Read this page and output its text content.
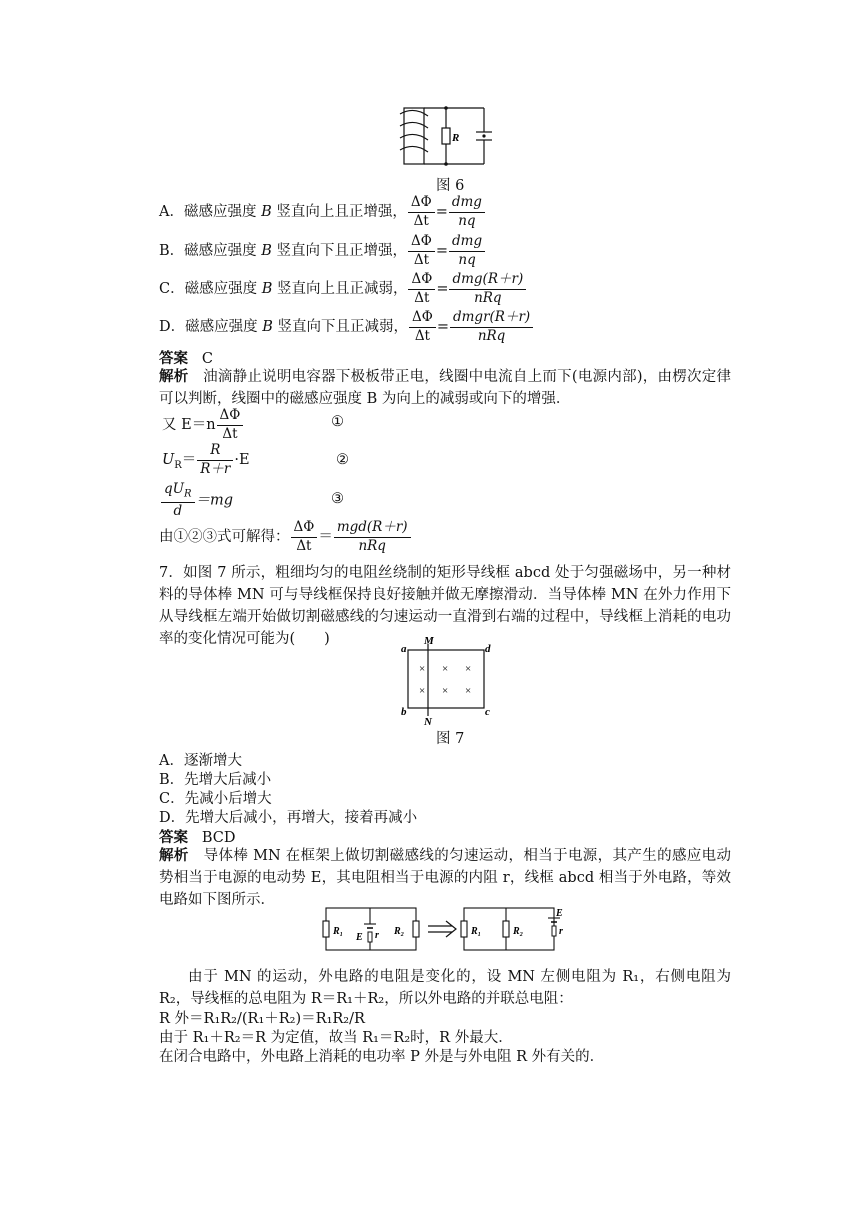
R
图 6
A．磁感应强度 B 竖直向上且正增强， $\frac{\Delta\Phi}{\Delta t} = \frac{\text{dmg}}{nq}$
B．磁感应强度 B 竖直向下且正增强， $\frac{\Delta\Phi}{\Delta t} = \frac{\text{dmg}}{nq}$
C．磁感应强度 B 竖直向上且正减弱， $\frac{\Delta\Phi}{\Delta t} = \frac{\text{dmg(R＋r)}}{\text{nRq}}$
D．磁感应强度 B 竖直向下且正减弱， $\frac{\Delta\Phi}{\Delta t} = \frac{\text{dmgr(R＋r)}}{\text{nRq}}$
答案 C
解析 油滴静止说明电容器下极板带正电，线圈中电流自上而下(电源内部)，由楞次定律可以判断，线圈中的磁感应强度 B 为向上的减弱或向下的增强．
又 $E=n \frac{\Delta\Phi}{\Delta t}$	①
$U_R= \frac{R}{R+r} \cdot E$	②
$\frac{qU_R}{d} =mg$	③
由①②③式可解得： $\frac{\Delta\Phi}{\Delta t} = \frac{\text{mgd(R＋r)}}{\text{nRq}}$
7．如图 7 所示，粗细均匀的电阻丝绕制的矩形导线框 abcd 处于匀强磁场中，另一种材料的导体棒 MN 可与导线框保持良好接触并做无摩擦滑动．当导体棒 MN 在外力作用下从导线框左端开始做切割磁感线的匀速运动一直滑到右端的过程中，导线框上消耗的电功率的变化情况可能为(　　)	M
N
a
b	c
d
× × ×
× × ×
图 7
A．逐渐增大
B．先增大后减小
C．先减小后增大
D．先增大后减小，再增大，接着再减小
答案 BCD
解析 导体棒 MN 在框架上做切割磁感线的匀速运动，相当于电源，其产生的感应电动势相当于电源的电动势 E，其电阻相当于电源的内阻 r，线框 abcd 相当于外电路，等效电路如下图所示．
R₁
E r R₂	R₁	R₂
E
r
由于 MN 的运动，外电路的电阻是变化的，设 MN 左侧电阻为 R₁，右侧电阻为 R₂，导线框的总电阻为 R＝R₁＋R₂，所以外电路的并联总电阻：
R 外＝R₁R₂/(R₁＋R₂)＝R₁R₂/R
由于 R₁＋R₂＝R 为定值，故当 R₁＝R₂时，R 外最大．
在闭合电路中，外电路上消耗的电功率 P 外是与外电阻 R 外有关的．
